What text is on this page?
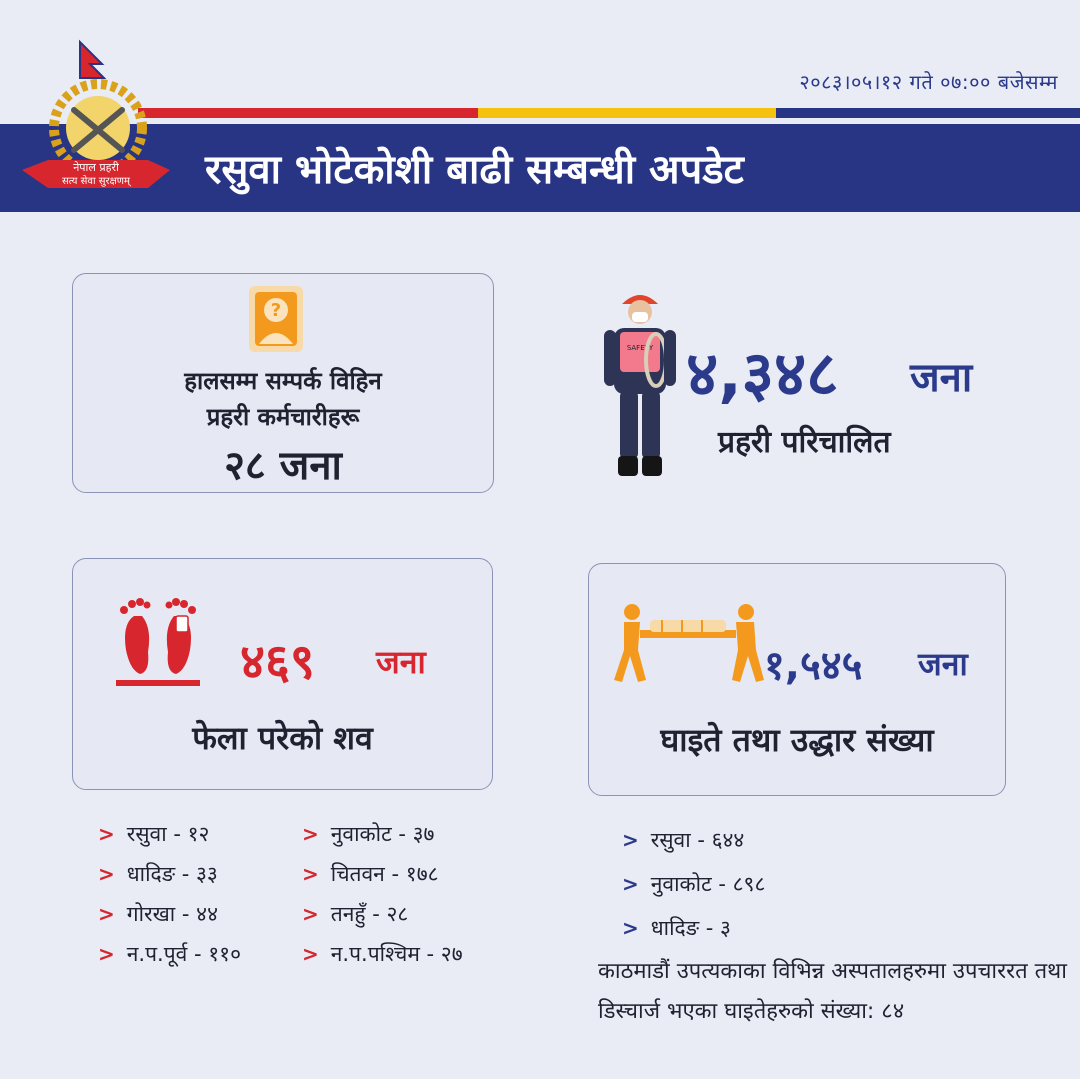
२०८३।०५।१२ गते ०७:०० बजेसम्म
रसुवा भोटेकोशी बाढी सम्बन्धी अपडेट
नेपाल प्रहरी
सत्य सेवा सुरक्षणम्
?
हालसम्म सम्पर्क विहिन
प्रहरी कर्मचारीहरू
२८ जना
SAFETY ४,३४८ जना
प्रहरी परिचालित
४६९ जना
फेला परेको शव
१,५४५ जना
घाइते तथा उद्धार संख्या
> रसुवा - १२
> धादिङ - ३३
> गोरखा - ४४
> न.प.पूर्व - ११०
> नुवाकोट - ३७
> चितवन - १७८
> तनहुँ - २८
> न.प.पश्चिम - २७
> रसुवा - ६४४
> नुवाकोट - ८९८
> धादिङ - ३
काठमाडौं उपत्यकाका विभिन्न अस्पतालहरुमा उपचाररत तथा डिस्चार्ज भएका घाइतेहरुको संख्या: ८४
